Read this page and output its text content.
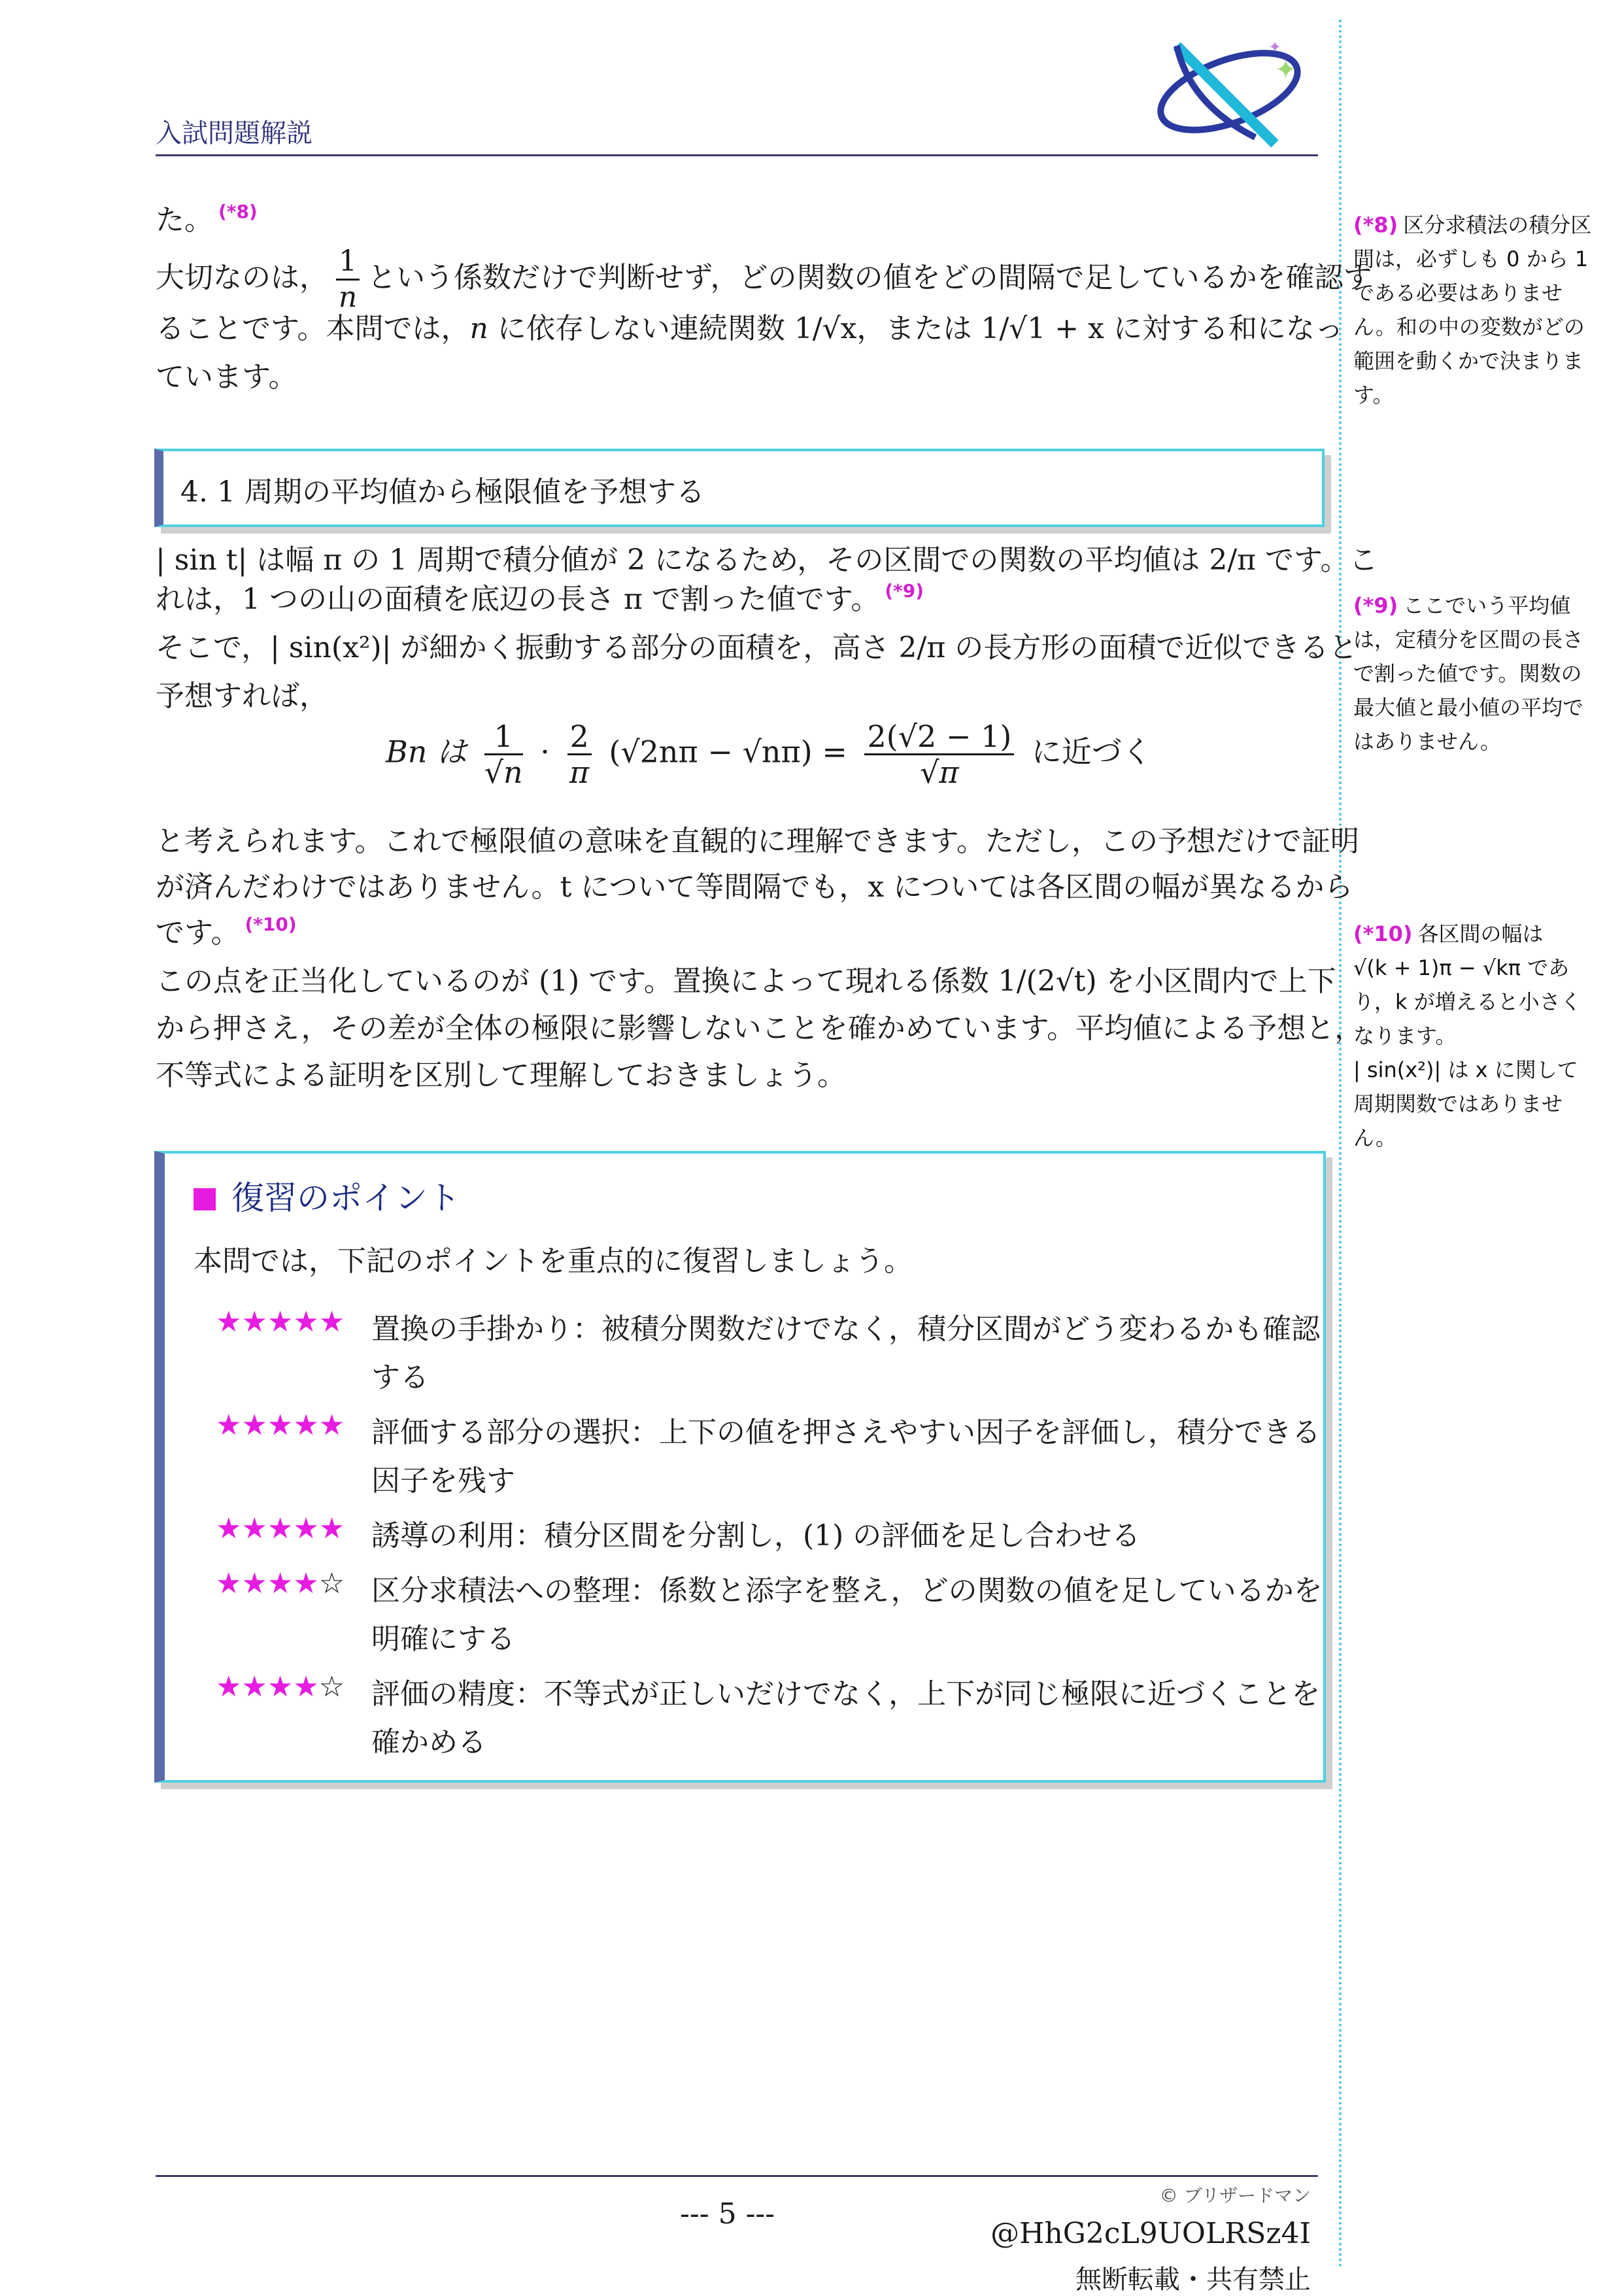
入試問題解説
✦
✦
た。 $^{(*8)}$
大切なのは， $\frac{1}{n}$ という係数だけで判断せず，どの関数の値をどの間隔で足しているかを確認す
ることです。本問では，n に依存しない連続関数 1/√x，または 1/√1 + x に対する和になっ
ています。
4. 1 周期の平均値から極限値を予想する
| sin t| は幅 π の 1 周期で積分値が 2 になるため，その区間での関数の平均値は 2/π です。こ
れは，1 つの山の面積を底辺の長さ π で割った値です。 $^{(*9)}$
そこで，| sin(x²)| が細かく振動する部分の面積を，高さ 2/π の長方形の面積で近似できると
予想すれば，
Bn は $\frac{1}{√n} \cdot \frac{2}{\pi} (√2n\pi - √n\pi) = \frac{2(√2 - 1)}{√\pi}$ に近づく
と考えられます。これで極限値の意味を直観的に理解できます。ただし，この予想だけで証明
が済んだわけではありません。t について等間隔でも，x については各区間の幅が異なるから
です。 $^{(*10)}$
この点を正当化しているのが (1) です。置換によって現れる係数 1/(2√t) を小区間内で上下
から押さえ，その差が全体の極限に影響しないことを確かめています。平均値による予想と，
不等式による証明を区別して理解しておきましょう。
復習のポイント
本問では，下記のポイントを重点的に復習しましょう。
★★★★★ 置換の手掛かり：被積分関数だけでなく，積分区間がどう変わるかも確認
する
★★★★★ 評価する部分の選択：上下の値を押さえやすい因子を評価し，積分できる
因子を残す
★★★★★ 誘導の利用：積分区間を分割し，(1) の評価を足し合わせる
★★★★☆ 区分求積法への整理：係数と添字を整え，どの関数の値を足しているかを
明確にする
★★★★☆ 評価の精度：不等式が正しいだけでなく，上下が同じ極限に近づくことを
確かめる
(*8) 区分求積法の積分区間は，必ずしも 0 から 1 である必要はありません。和の中の変数がどの範囲を動くかで決まります。
(*9) ここでいう平均値は，定積分を区間の長さで割った値です。関数の最大値と最小値の平均ではありません。
(*10) 各区間の幅は
√(k + 1)π − √kπ であり，k が増えると小さくなります。
| sin(x²)| は x に関して周期関数ではありません。
© ブリザードマン
--- 5 ---
@HhG2cL9UOLRSz4I
無断転載・共有禁止
